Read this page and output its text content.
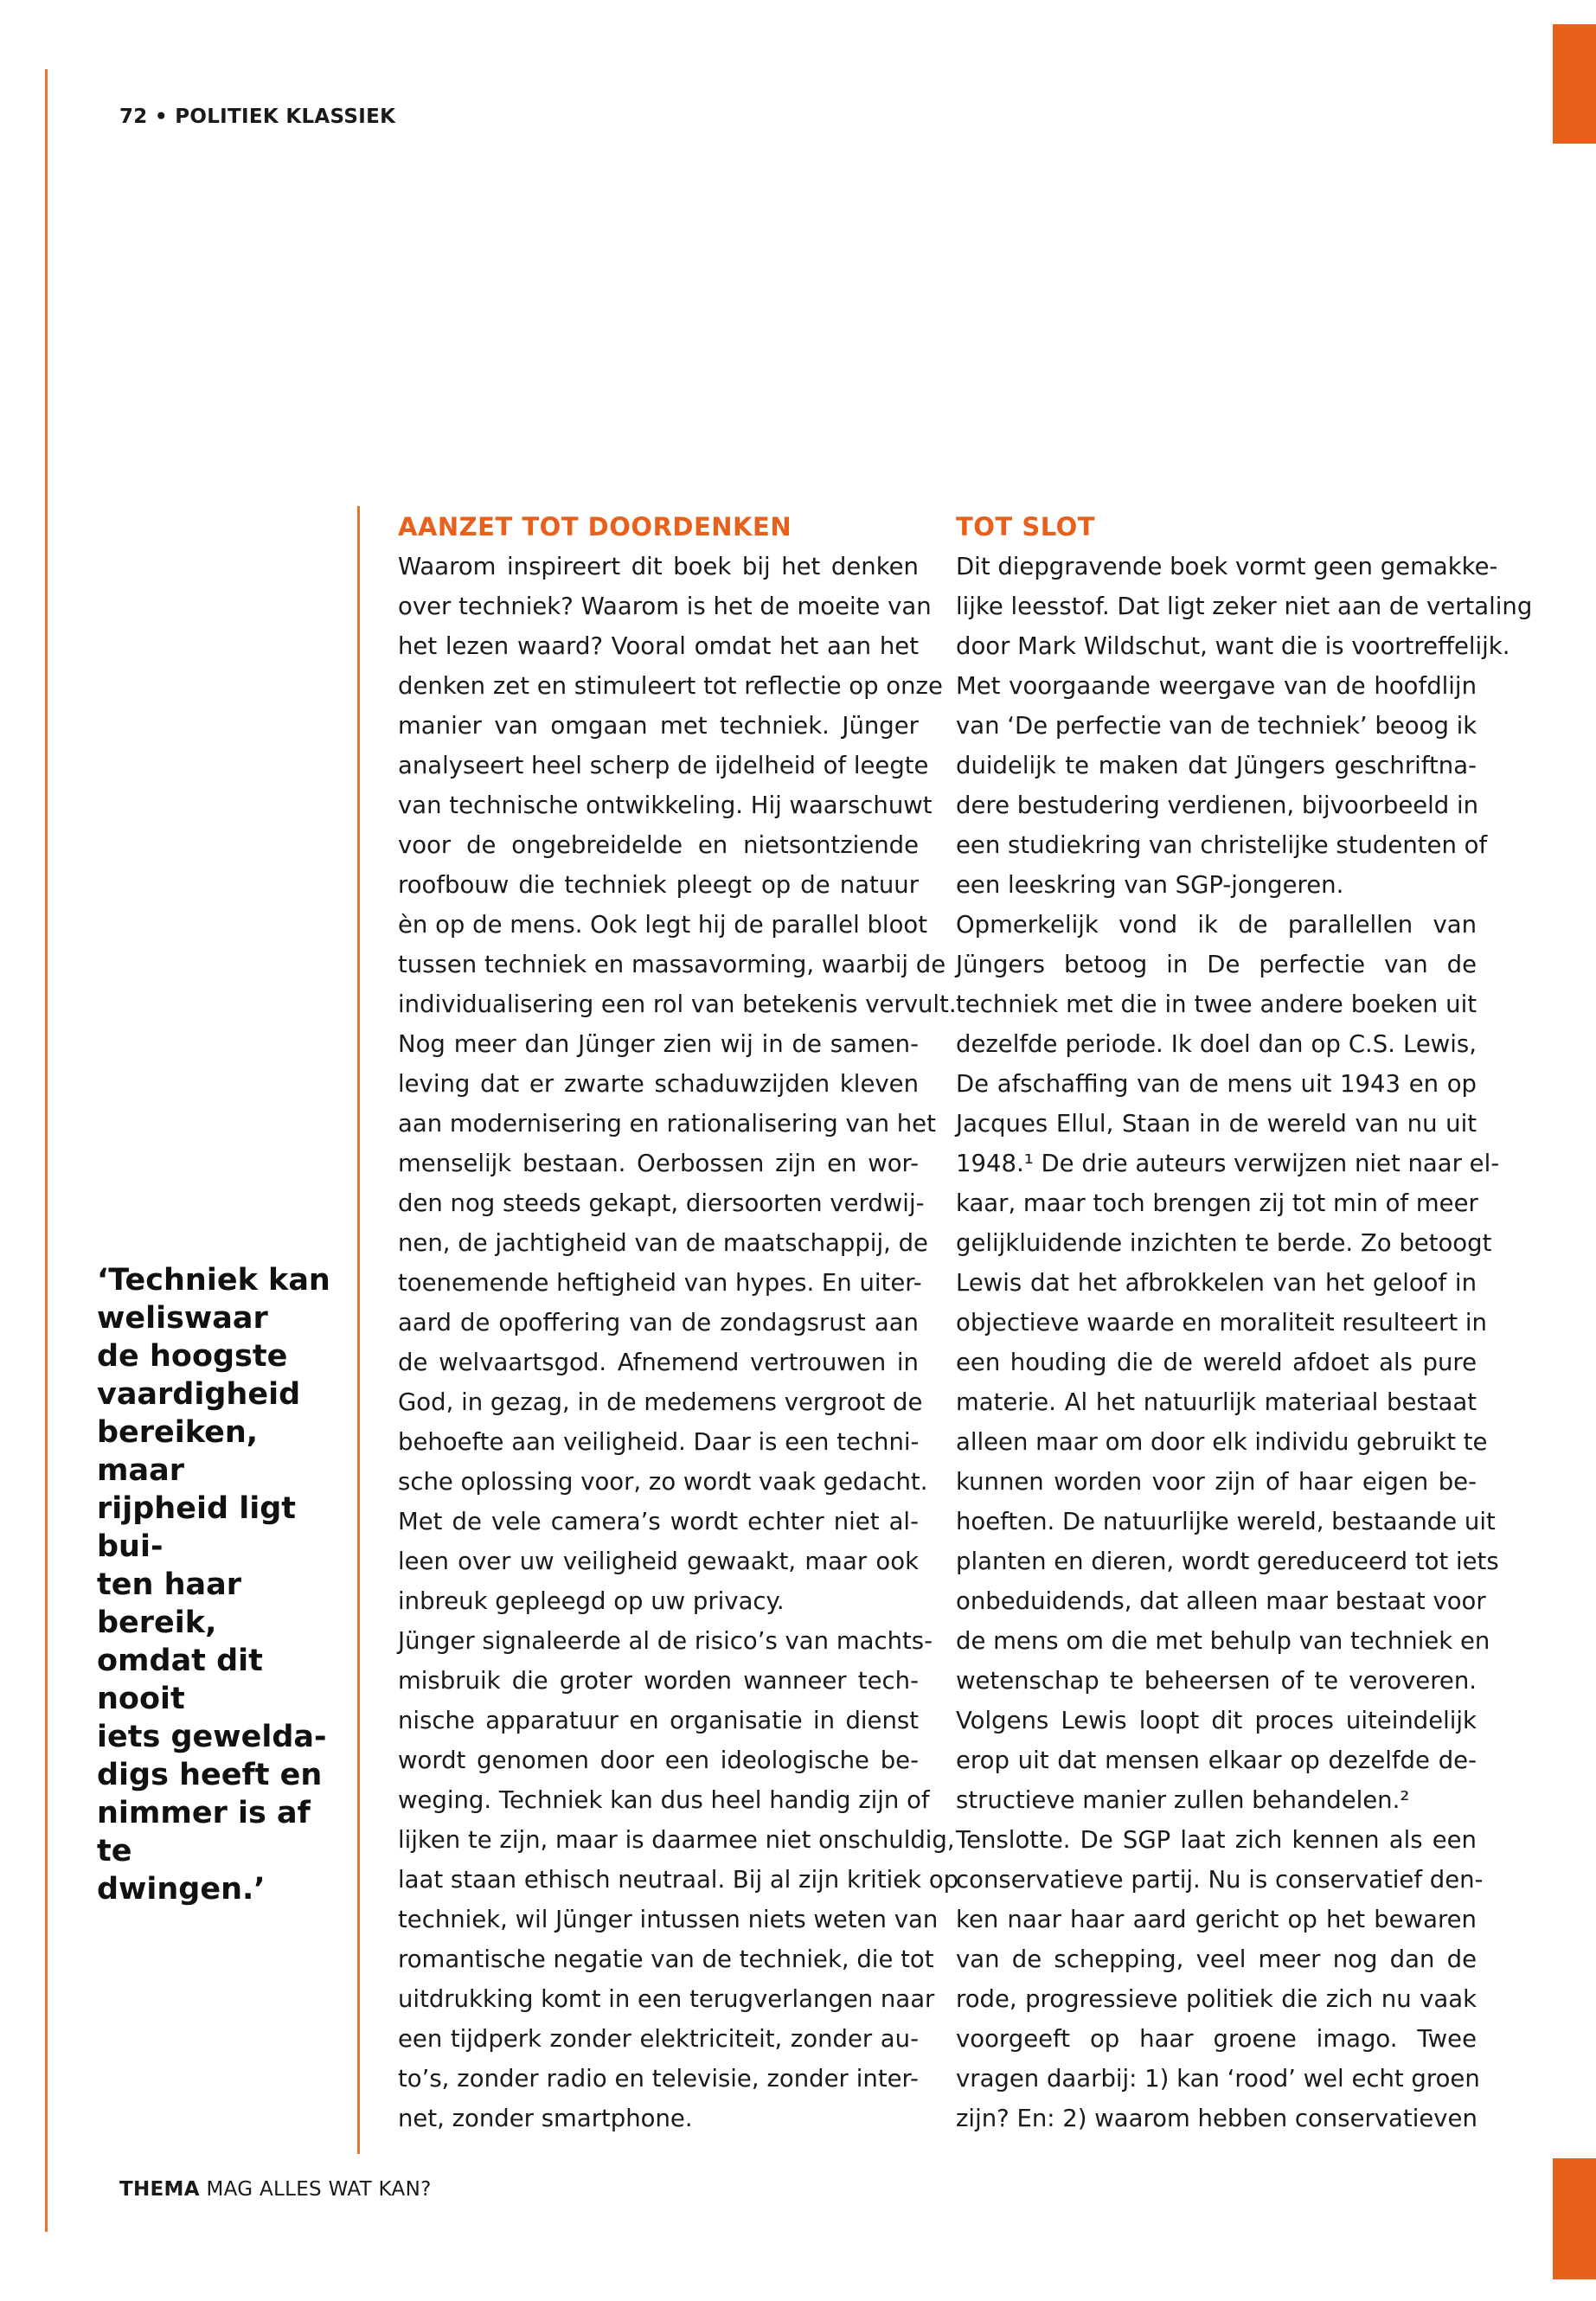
72 • POLITIEK KLASSIEK
‘Techniek kan
weliswaar
de hoogste
vaardigheid
bereiken, maar
rijpheid ligt bui-
ten haar bereik,
omdat dit nooit
iets gewelda-
digs heeft en
nimmer is af te
dwingen.’
AANZET TOT DOORDENKEN
Waarom inspireert dit boek bij het denken
over techniek? Waarom is het de moeite van
het lezen waard? Vooral omdat het aan het
denken zet en stimuleert tot reflectie op onze
manier van omgaan met techniek. Jünger
analyseert heel scherp de ijdelheid of leegte
van technische ontwikkeling. Hij waarschuwt
voor de ongebreidelde en nietsontziende
roofbouw die techniek pleegt op de natuur
èn op de mens. Ook legt hij de parallel bloot
tussen techniek en massavorming, waarbij de
individualisering een rol van betekenis vervult.
Nog meer dan Jünger zien wij in de samen-
leving dat er zwarte schaduwzijden kleven
aan modernisering en rationalisering van het
menselijk bestaan. Oerbossen zijn en wor-
den nog steeds gekapt, diersoorten verdwij-
nen, de jachtigheid van de maatschappij, de
toenemende heftigheid van hypes. En uiter-
aard de opoffering van de zondagsrust aan
de welvaartsgod. Afnemend vertrouwen in
God, in gezag, in de medemens vergroot de
behoefte aan veiligheid. Daar is een techni-
sche oplossing voor, zo wordt vaak gedacht.
Met de vele camera’s wordt echter niet al-
leen over uw veiligheid gewaakt, maar ook
inbreuk gepleegd op uw privacy.
Jünger signaleerde al de risico’s van machts-
misbruik die groter worden wanneer tech-
nische apparatuur en organisatie in dienst
wordt genomen door een ideologische be-
weging. Techniek kan dus heel handig zijn of
lijken te zijn, maar is daarmee niet onschuldig,
laat staan ethisch neutraal. Bij al zijn kritiek op
techniek, wil Jünger intussen niets weten van
romantische negatie van de techniek, die tot
uitdrukking komt in een terugverlangen naar
een tijdperk zonder elektriciteit, zonder au-
to’s, zonder radio en televisie, zonder inter-
net, zonder smartphone.
TOT SLOT
Dit diepgravende boek vormt geen gemakke-
lijke leesstof. Dat ligt zeker niet aan de vertaling
door Mark Wildschut, want die is voortreffelijk.
Met voorgaande weergave van de hoofdlijn
van ‘De perfectie van de techniek’ beoog ik
duidelijk te maken dat Jüngers geschriftna-
dere bestudering verdienen, bijvoorbeeld in
een studiekring van christelijke studenten of
een leeskring van SGP-jongeren.
Opmerkelijk vond ik de parallellen van
Jüngers betoog in De perfectie van de
techniek met die in twee andere boeken uit
dezelfde periode. Ik doel dan op C.S. Lewis,
De afschaffing van de mens uit 1943 en op
Jacques Ellul, Staan in de wereld van nu uit
1948.¹ De drie auteurs verwijzen niet naar el-
kaar, maar toch brengen zij tot min of meer
gelijkluidende inzichten te berde. Zo betoogt
Lewis dat het afbrokkelen van het geloof in
objectieve waarde en moraliteit resulteert in
een houding die de wereld afdoet als pure
materie. Al het natuurlijk materiaal bestaat
alleen maar om door elk individu gebruikt te
kunnen worden voor zijn of haar eigen be-
hoeften. De natuurlijke wereld, bestaande uit
planten en dieren, wordt gereduceerd tot iets
onbeduidends, dat alleen maar bestaat voor
de mens om die met behulp van techniek en
wetenschap te beheersen of te veroveren.
Volgens Lewis loopt dit proces uiteindelijk
erop uit dat mensen elkaar op dezelfde de-
structieve manier zullen behandelen.²
Tenslotte. De SGP laat zich kennen als een
conservatieve partij. Nu is conservatief den-
ken naar haar aard gericht op het bewaren
van de schepping, veel meer nog dan de
rode, progressieve politiek die zich nu vaak
voorgeeft op haar groene imago. Twee
vragen daarbij: 1) kan ‘rood’ wel echt groen
zijn? En: 2) waarom hebben conservatieven
THEMA MAG ALLES WAT KAN?
